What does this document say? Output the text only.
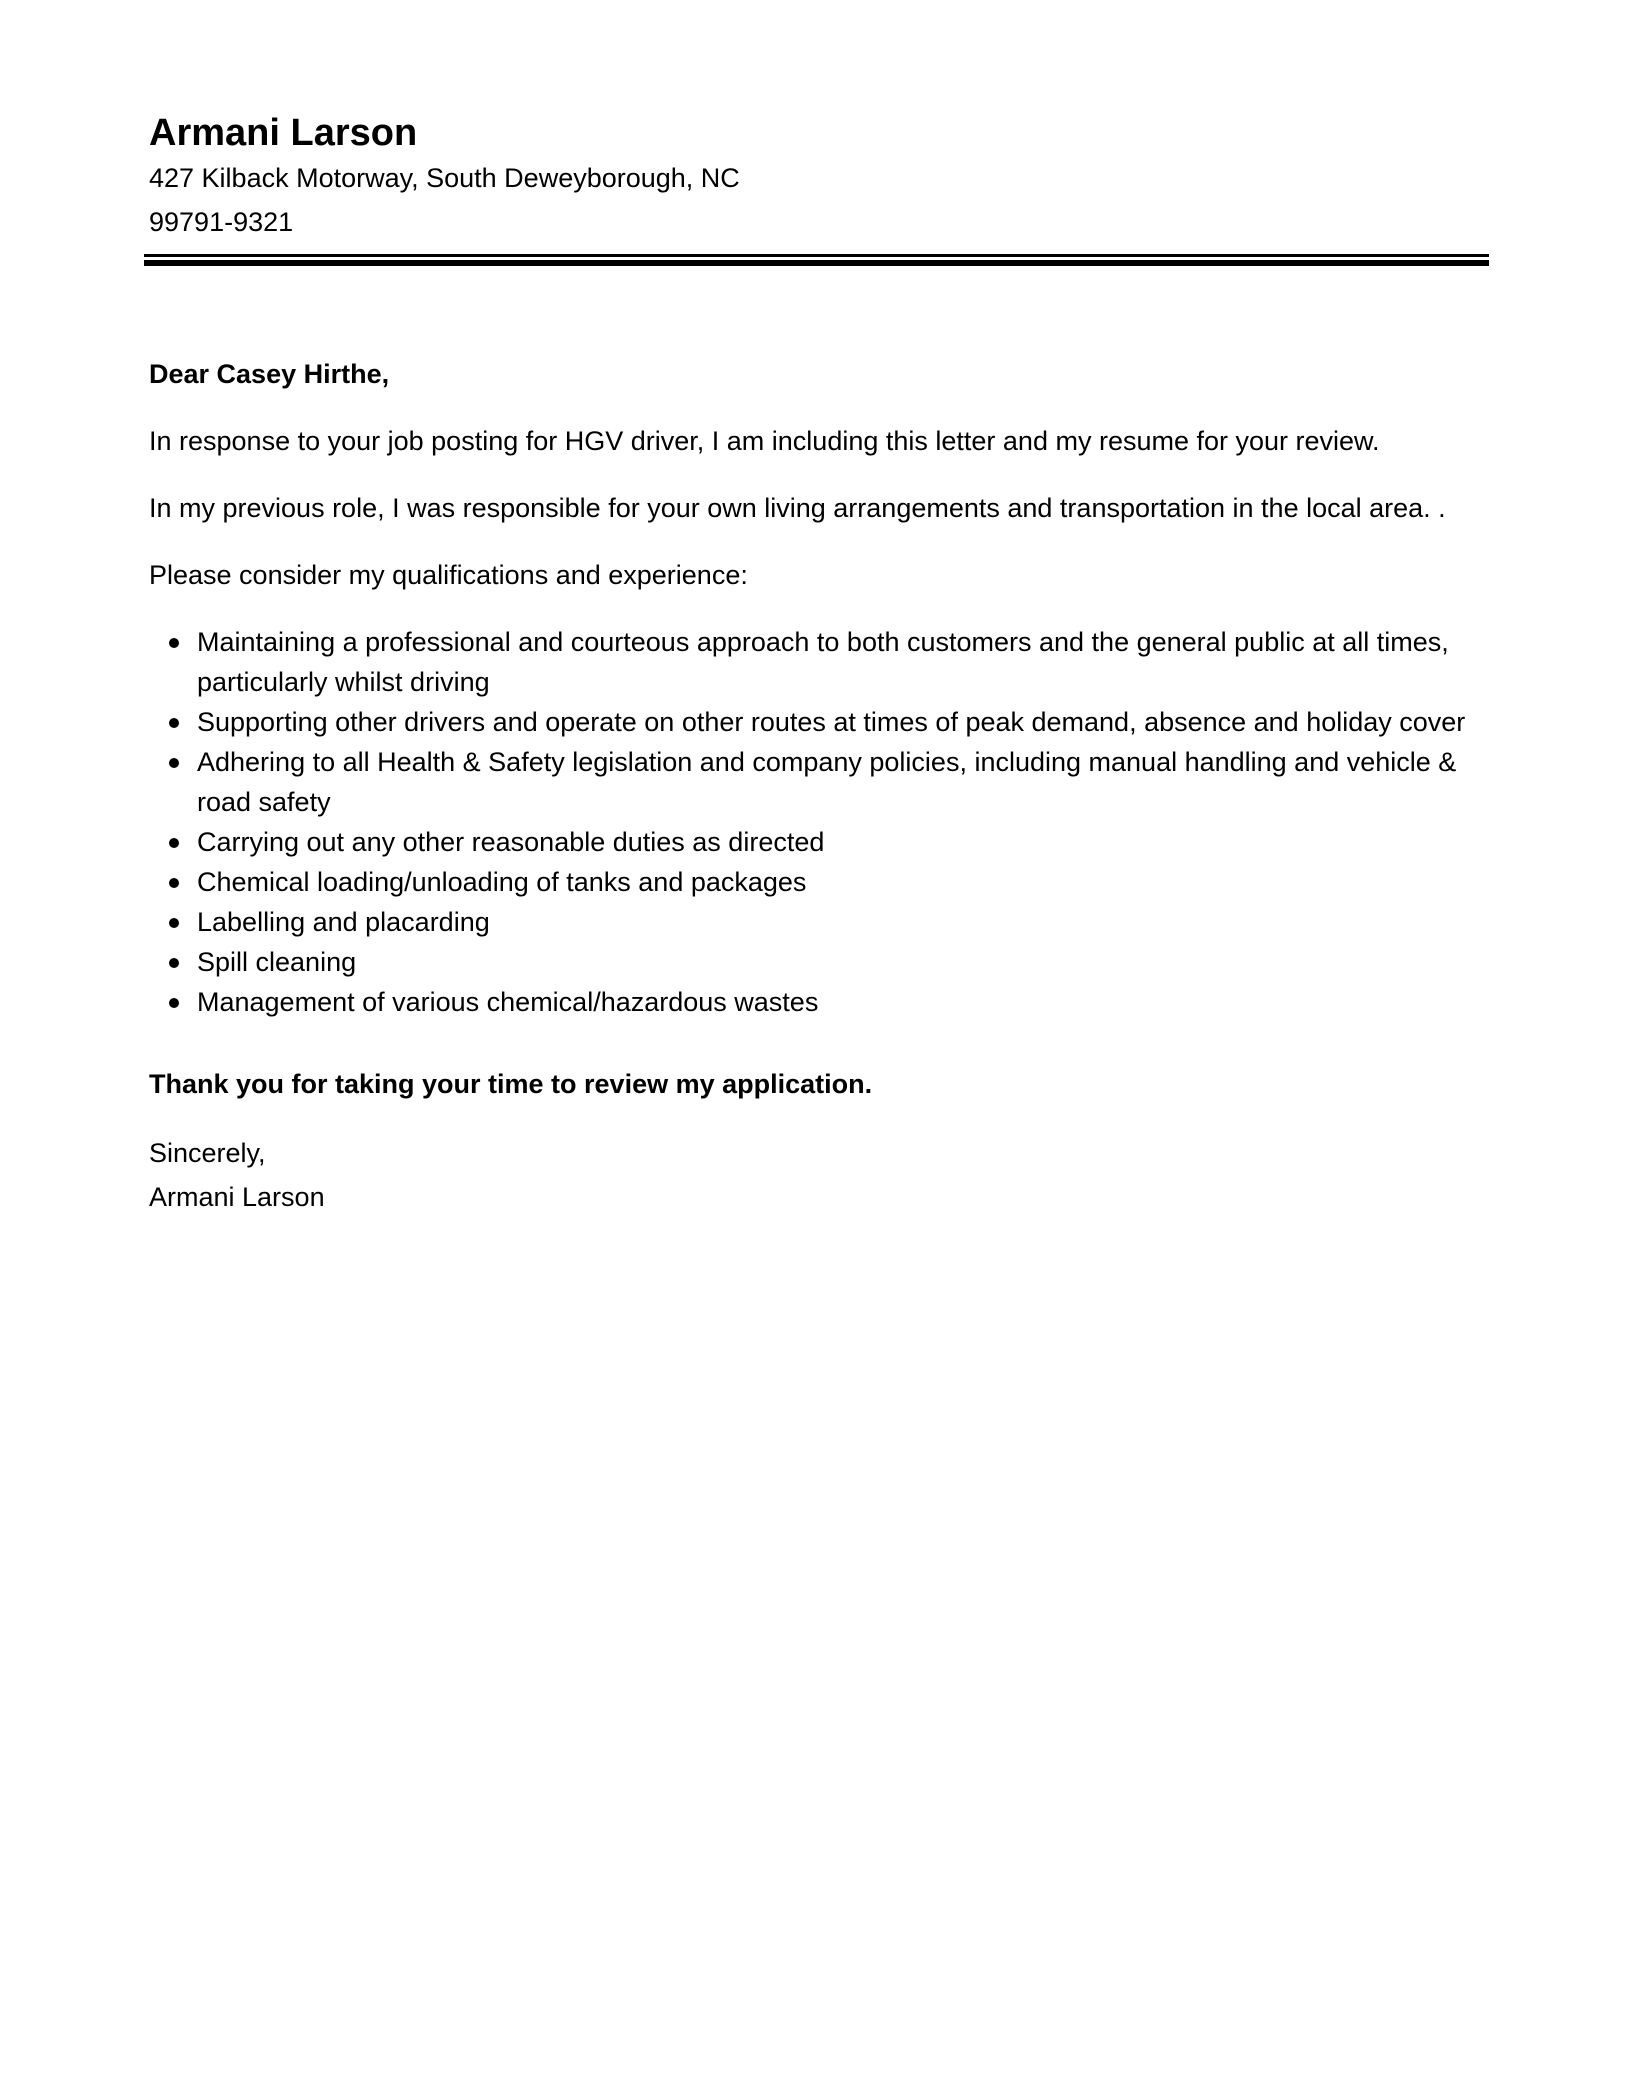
Armani Larson

427 Kilback Motorway, South Deweyborough, NC 99791-9321

Dear Casey Hirthe,
In response to your job posting for HGV driver, I am including this letter and my resume for your review.
In my previous role, I was responsible for your own living arrangements and transportation in the local area. .
Please consider my qualifications and experience:
Maintaining a professional and courteous approach to both customers and the general public at all times, particularly whilst driving
Supporting other drivers and operate on other routes at times of peak demand, absence and holiday cover
Adhering to all Health & Safety legislation and company policies, including manual handling and vehicle & road safety
Carrying out any other reasonable duties as directed
Chemical loading/unloading of tanks and packages
Labelling and placarding
Spill cleaning
Management of various chemical/hazardous wastes
Thank you for taking your time to review my application.
Sincerely,
Armani Larson
